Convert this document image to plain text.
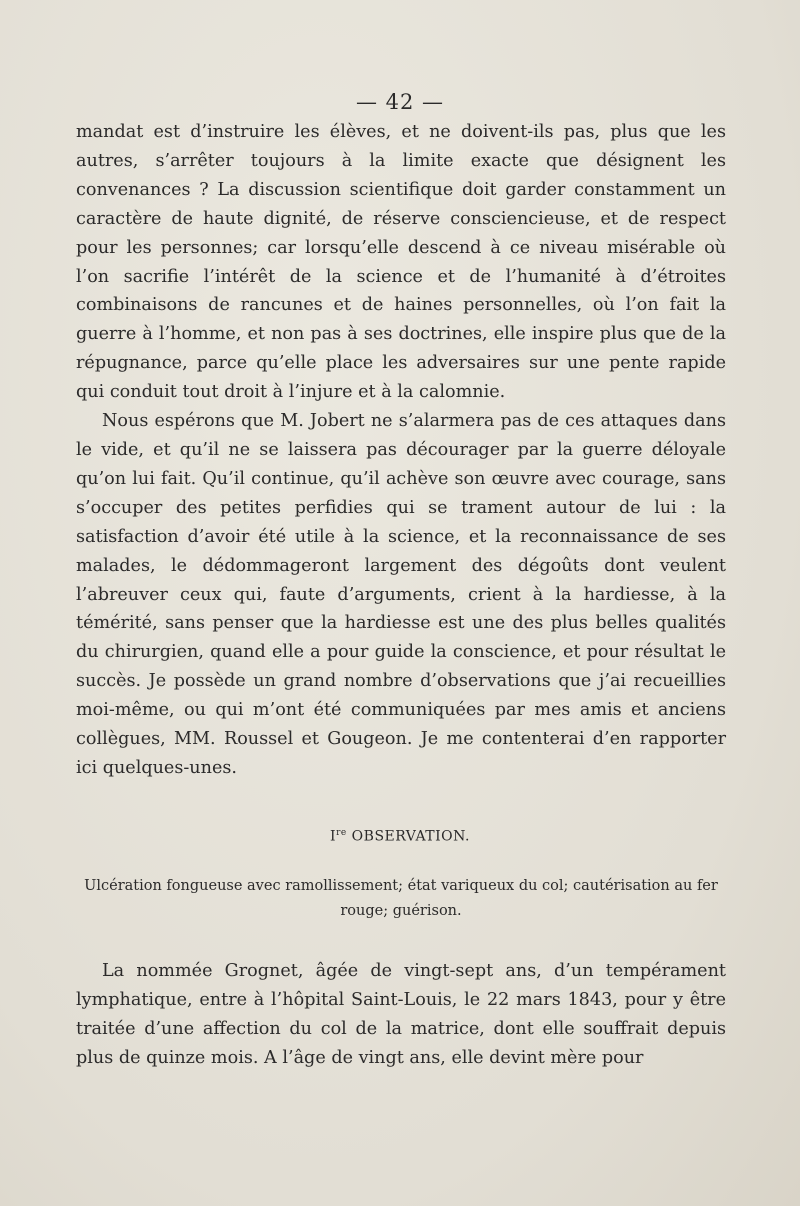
— 42 —

mandat est d’instruire les élèves, et ne doivent-ils pas, plus que les autres, s’arrêter toujours à la limite exacte que désignent les convenances ? La discussion scientifique doit garder constamment un caractère de haute dignité, de réserve consciencieuse, et de respect pour les personnes; car lorsqu’elle descend à ce niveau misérable où l’on sacrifie l’intérêt de la science et de l’humanité à d’étroites combinaisons de rancunes et de haines personnelles, où l’on fait la guerre à l’homme, et non pas à ses doctrines, elle inspire plus que de la répugnance, parce qu’elle place les adversaires sur une pente rapide qui conduit tout droit à l’injure et à la calomnie.

Nous espérons que M. Jobert ne s’alarmera pas de ces attaques dans le vide, et qu’il ne se laissera pas décourager par la guerre déloyale qu’on lui fait. Qu’il continue, qu’il achève son œuvre avec courage, sans s’occuper des petites perfidies qui se trament autour de lui : la satisfaction d’avoir été utile à la science, et la reconnaissance de ses malades, le dédommageront largement des dégoûts dont veulent l’abreuver ceux qui, faute d’arguments, crient à la hardiesse, à la témérité, sans penser que la hardiesse est une des plus belles qualités du chirurgien, quand elle a pour guide la conscience, et pour résultat le succès. Je possède un grand nombre d’observations que j’ai recueillies moi-même, ou qui m’ont été communiquées par mes amis et anciens collègues, MM. Roussel et Gougeon. Je me contenterai d’en rapporter ici quelques-unes.

Ire OBSERVATION.
Ulcération fongueuse avec ramollissement; état variqueux du col; cautérisation au fer rouge; guérison.

La nommée Grognet, âgée de vingt-sept ans, d’un tempérament lymphatique, entre à l’hôpital Saint-Louis, le 22 mars 1843, pour y être traitée d’une affection du col de la matrice, dont elle souffrait depuis plus de quinze mois. A l’âge de vingt ans, elle devint mère pour
